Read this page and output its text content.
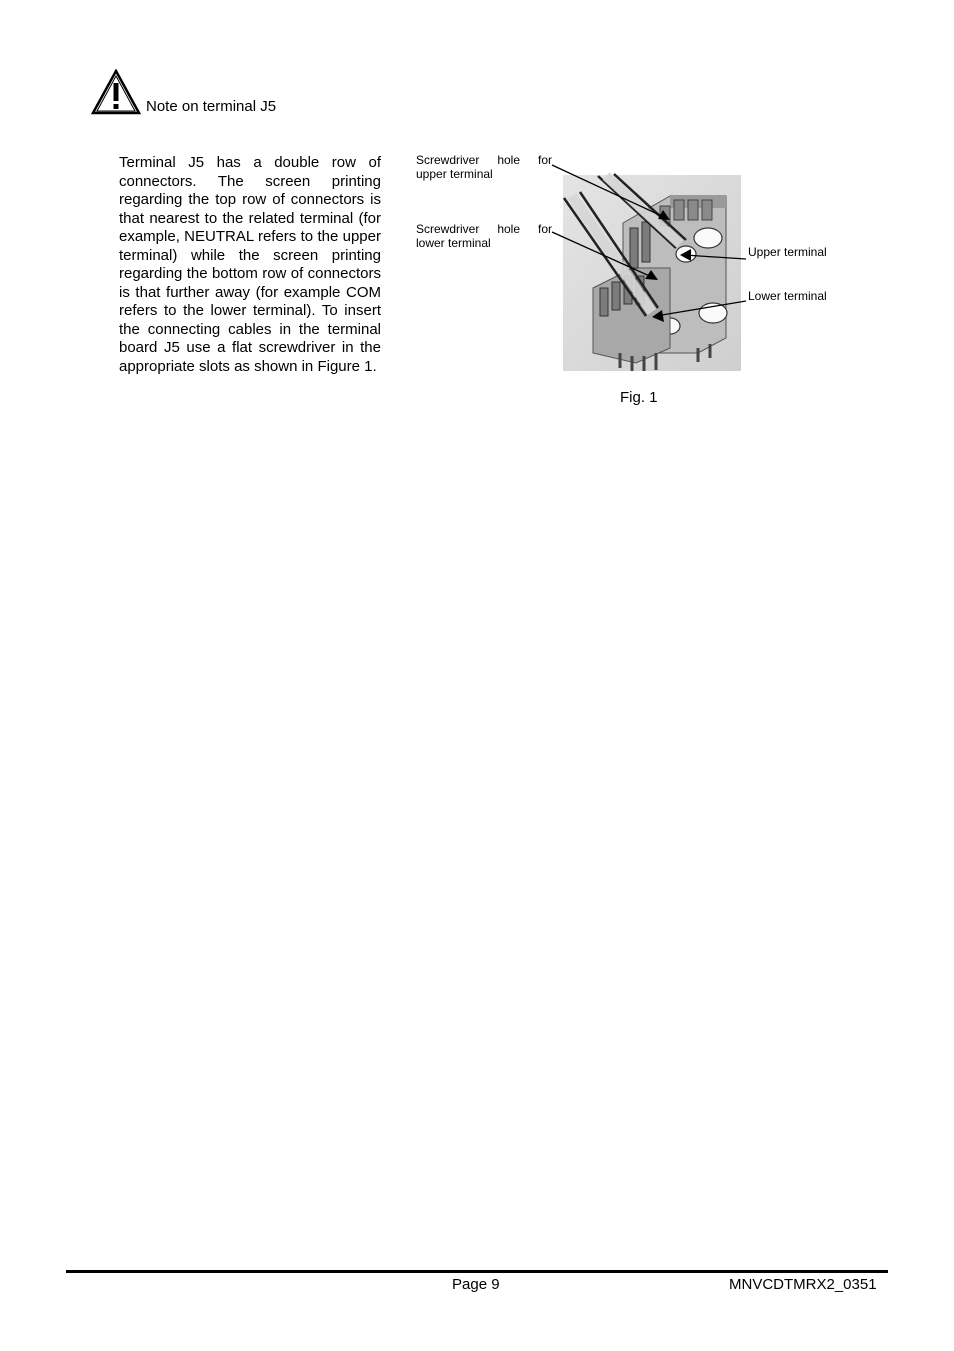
Note on terminal J5
Terminal J5 has a double row of connectors. The screen printing regarding the top row of connectors is that nearest to the related terminal (for example, NEUTRAL refers to the upper terminal) while the screen printing regarding the bottom row of connectors is that further away (for example COM refers to the lower terminal). To insert the connecting cables in the terminal board J5 use a flat screwdriver in the appropriate slots as shown in Figure 1.
Screwdriver hole for
upper terminal
Screwdriver hole for
lower terminal
Upper terminal
Lower terminal
Fig. 1
Page 9	MNVCDTMRX2_0351
